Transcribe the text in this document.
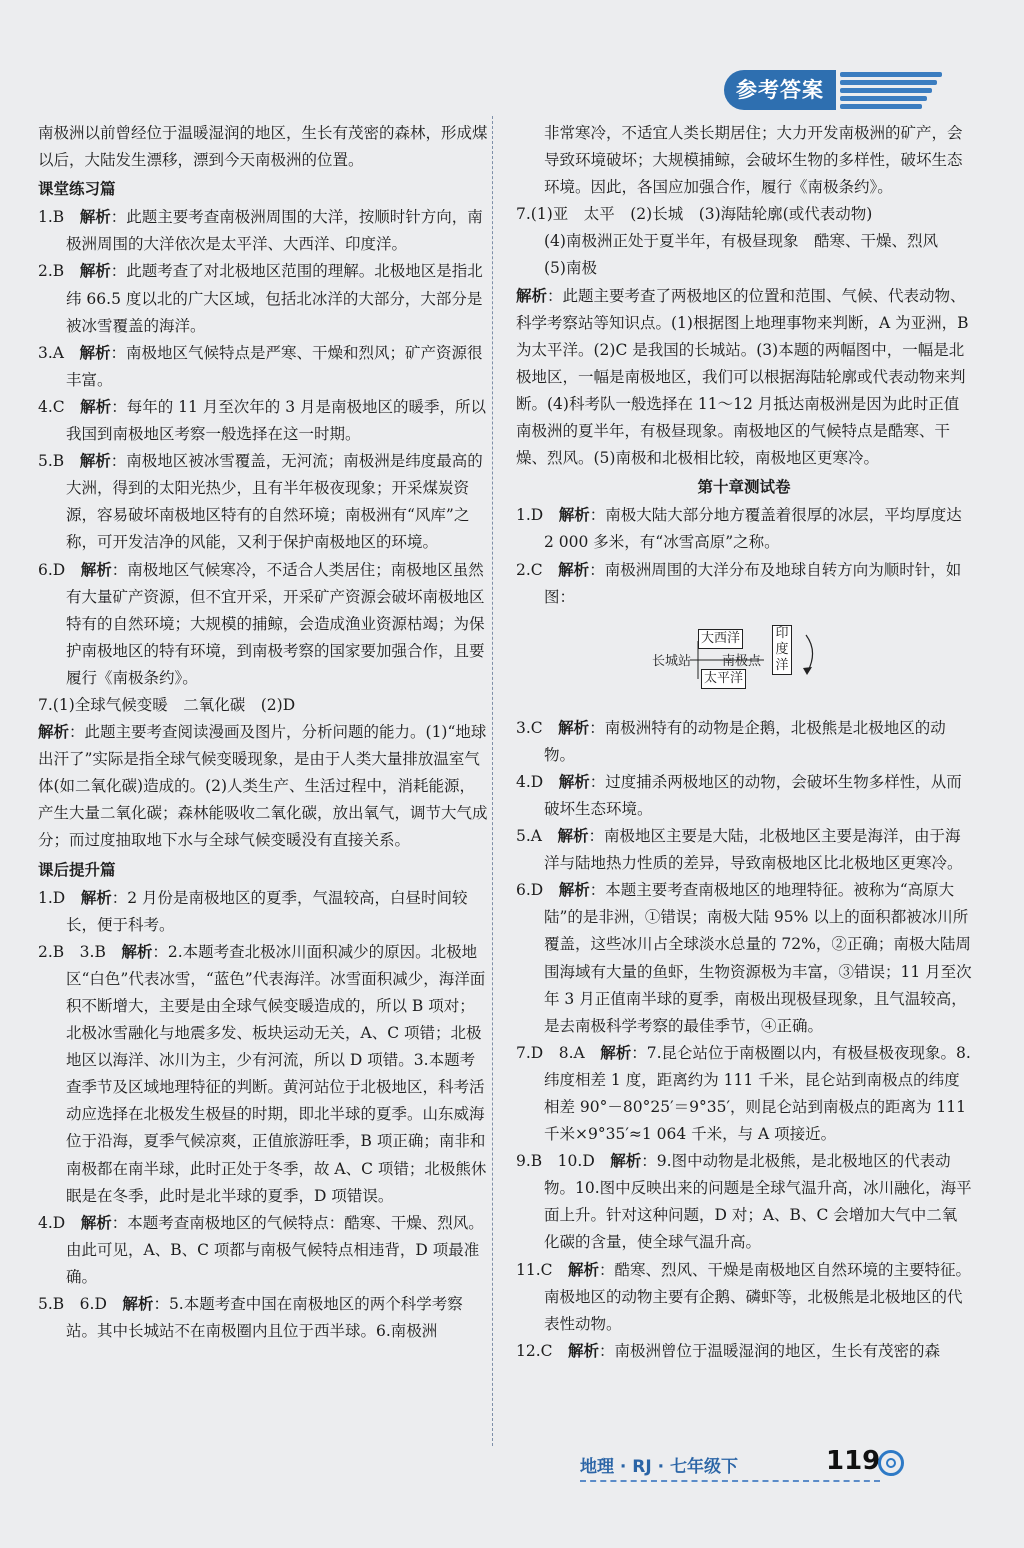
参考答案

南极洲以前曾经位于温暖湿润的地区，生长有茂密的森林，形成煤以后，大陆发生漂移，漂到今天南极洲的位置。

课堂练习篇

1.B　 解析：此题主要考查南极洲周围的大洋，按顺时针方向，南极洲周围的大洋依次是太平洋、大西洋、印度洋。

2.B　 解析：此题考查了对北极地区范围的理解。北极地区是指北纬 66.5 度以北的广大区域，包括北冰洋的大部分，大部分是被冰雪覆盖的海洋。

3.A　 解析：南极地区气候特点是严寒、干燥和烈风；矿产资源很丰富。

4.C　 解析：每年的 11 月至次年的 3 月是南极地区的暖季，所以我国到南极地区考察一般选择在这一时期。

5.B　 解析：南极地区被冰雪覆盖，无河流；南极洲是纬度最高的大洲，得到的太阳光热少，且有半年极夜现象；开采煤炭资源，容易破坏南极地区特有的自然环境；南极洲有“风库”之称，可开发洁净的风能，又利于保护南极地区的环境。

6.D　 解析：南极地区气候寒冷，不适合人类居住；南极地区虽然有大量矿产资源，但不宜开采，开采矿产资源会破坏南极地区特有的自然环境；大规模的捕鲸，会造成渔业资源枯竭；为保护南极地区的特有环境，到南极考察的国家要加强合作，且要履行《南极条约》。

7.(1)全球气候变暖　二氧化碳　(2)D

解析：此题主要考查阅读漫画及图片，分析问题的能力。(1)“地球出汗了”实际是指全球气候变暖现象，是由于人类大量排放温室气体(如二氧化碳)造成的。(2)人类生产、生活过程中，消耗能源，产生大量二氧化碳；森林能吸收二氧化碳，放出氧气，调节大气成分；而过度抽取地下水与全球气候变暖没有直接关系。

课后提升篇

1.D　 解析：2 月份是南极地区的夏季，气温较高，白昼时间较长，便于科考。

2.B　3.B　 解析：2.本题考查北极冰川面积减少的原因。北极地区“白色”代表冰雪，“蓝色”代表海洋。冰雪面积减少，海洋面积不断增大，主要是由全球气候变暖造成的，所以 B 项对；北极冰雪融化与地震多发、板块运动无关，A、C 项错；北极地区以海洋、冰川为主，少有河流，所以 D 项错。3.本题考查季节及区域地理特征的判断。黄河站位于北极地区，科考活动应选择在北极发生极昼的时期，即北半球的夏季。山东威海位于沿海，夏季气候凉爽，正值旅游旺季，B 项正确；南非和南极都在南半球，此时正处于冬季，故 A、C 项错；北极熊休眠是在冬季，此时是北半球的夏季，D 项错误。

4.D　 解析：本题考查南极地区的气候特点：酷寒、干燥、烈风。由此可见，A、B、C 项都与南极气候特点相违背，D 项最准确。

5.B　6.D　 解析：5.本题考查中国在南极地区的两个科学考察站。其中长城站不在南极圈内且位于西半球。6.南极洲

非常寒冷，不适宜人类长期居住；大力开发南极洲的矿产，会导致环境破坏；大规模捕鲸，会破坏生物的多样性，破坏生态环境。因此，各国应加强合作，履行《南极条约》。

7.(1)亚　太平　(2)长城　(3)海陆轮廓(或代表动物)

(4)南极洲正处于夏半年，有极昼现象　酷寒、干燥、烈风

(5)南极

解析：此题主要考查了两极地区的位置和范围、气候、代表动物、科学考察站等知识点。(1)根据图上地理事物来判断，A 为亚洲，B 为太平洋。(2)C 是我国的长城站。(3)本题的两幅图中，一幅是北极地区，一幅是南极地区，我们可以根据海陆轮廓或代表动物来判断。(4)科考队一般选择在 11～12 月抵达南极洲是因为此时正值南极洲的夏半年，有极昼现象。南极地区的气候特点是酷寒、干燥、烈风。(5)南极和北极相比较，南极地区更寒冷。

第十章测试卷

1.D　 解析：南极大陆大部分地方覆盖着很厚的冰层，平均厚度达 2 000 多米，有“冰雪高原”之称。

2.C　 解析：南极洲周围的大洋分布及地球自转方向为顺时针，如图：

长城站
大西洋
南极点
太平洋
印度洋

3.C　 解析：南极洲特有的动物是企鹅，北极熊是北极地区的动物。

4.D　 解析：过度捕杀两极地区的动物，会破坏生物多样性，从而破坏生态环境。

5.A　 解析：南极地区主要是大陆，北极地区主要是海洋，由于海洋与陆地热力性质的差异，导致南极地区比北极地区更寒冷。

6.D　 解析：本题主要考查南极地区的地理特征。被称为“高原大陆”的是非洲，①错误；南极大陆 95% 以上的面积都被冰川所覆盖，这些冰川占全球淡水总量的 72%，②正确；南极大陆周围海域有大量的鱼虾，生物资源极为丰富，③错误；11 月至次年 3 月正值南半球的夏季，南极出现极昼现象，且气温较高，是去南极科学考察的最佳季节，④正确。

7.D　8.A　 解析：7.昆仑站位于南极圈以内，有极昼极夜现象。8.纬度相差 1 度，距离约为 111 千米，昆仑站到南极点的纬度相差 90°－80°25′＝9°35′，则昆仑站到南极点的距离为 111 千米×9°35′≈1 064 千米，与 A 项接近。

9.B　10.D　 解析：9.图中动物是北极熊，是北极地区的代表动物。10.图中反映出来的问题是全球气温升高，冰川融化，海平面上升。针对这种问题，D 对；A、B、C 会增加大气中二氧化碳的含量，使全球气温升高。

11.C　 解析：酷寒、烈风、干燥是南极地区自然环境的主要特征。南极地区的动物主要有企鹅、磷虾等，北极熊是北极地区的代表性动物。

12.C　 解析：南极洲曾位于温暖湿润的地区，生长有茂密的森

地理 · RJ · 七年级下	119
